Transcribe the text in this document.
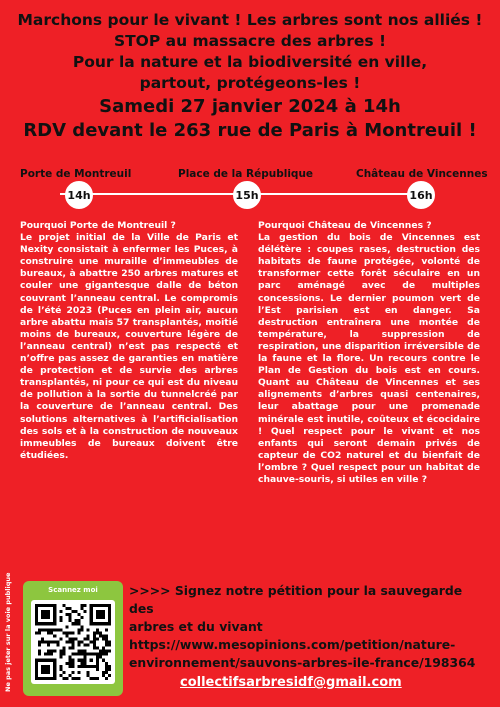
Marchons pour le vivant ! Les arbres sont nos alliés !
STOP au massacre des arbres !
Pour la nature et la biodiversité en ville,
partout, protégeons-les !
Samedi 27 janvier 2024 à 14h
RDV devant le 263 rue de Paris à Montreuil !
Porte de Montreuil
14h
Place de la République
15h
Château de Vincennes
16h
Pourquoi Porte de Montreuil ?
Le projet initial de la Ville de Paris et Nexity consistait à enfermer les Puces, à construire une muraille d’immeubles de bureaux, à abattre 250 arbres matures et couler une gigantesque dalle de béton couvrant l’anneau central. Le compromis de l’été 2023 (Puces en plein air, aucun arbre abattu mais 57 transplantés, moitié moins de bureaux, couverture légère de l’anneau central) n’est pas respecté et n’offre pas assez de garanties en matière de protection et de survie des arbres transplantés, ni pour ce qui est du niveau de pollution à la sortie du tunnelcréé par la couverture de l’anneau central. Des solutions alternatives à l’artificialisation des sols et à la construction de nouveaux immeubles de bureaux doivent être étudiées.
Pourquoi Château de Vincennes ?
La gestion du bois de Vincennes est délétère : coupes rases, destruction des habitats de faune protégée, volonté de transformer cette forêt séculaire en un parc aménagé avec de multiples concessions. Le dernier poumon vert de l’Est parisien est en danger. Sa destruction entraînera une montée de température, la suppression de respiration, une disparition irréversible de la faune et la flore. Un recours contre le Plan de Gestion du bois est en cours. Quant au Château de Vincennes et ses alignements d’arbres quasi centenaires, leur abattage pour une promenade minérale est inutile, coûteux et écocidaire ! Quel respect pour le vivant et nos enfants qui seront demain privés de capteur de CO2 naturel et du bienfait de l’ombre ? Quel respect pour un habitat de chauve-souris, si utiles en ville ?
Ne pas jeter sur la voie publique	Scannez moi	>>>> Signez notre pétition pour la sauvegarde des
arbres et du vivant
https://www.mesopinions.com/petition/nature-
environnement/sauvons-arbres-ile-france/198364
collectifsarbresidf@gmail.com
